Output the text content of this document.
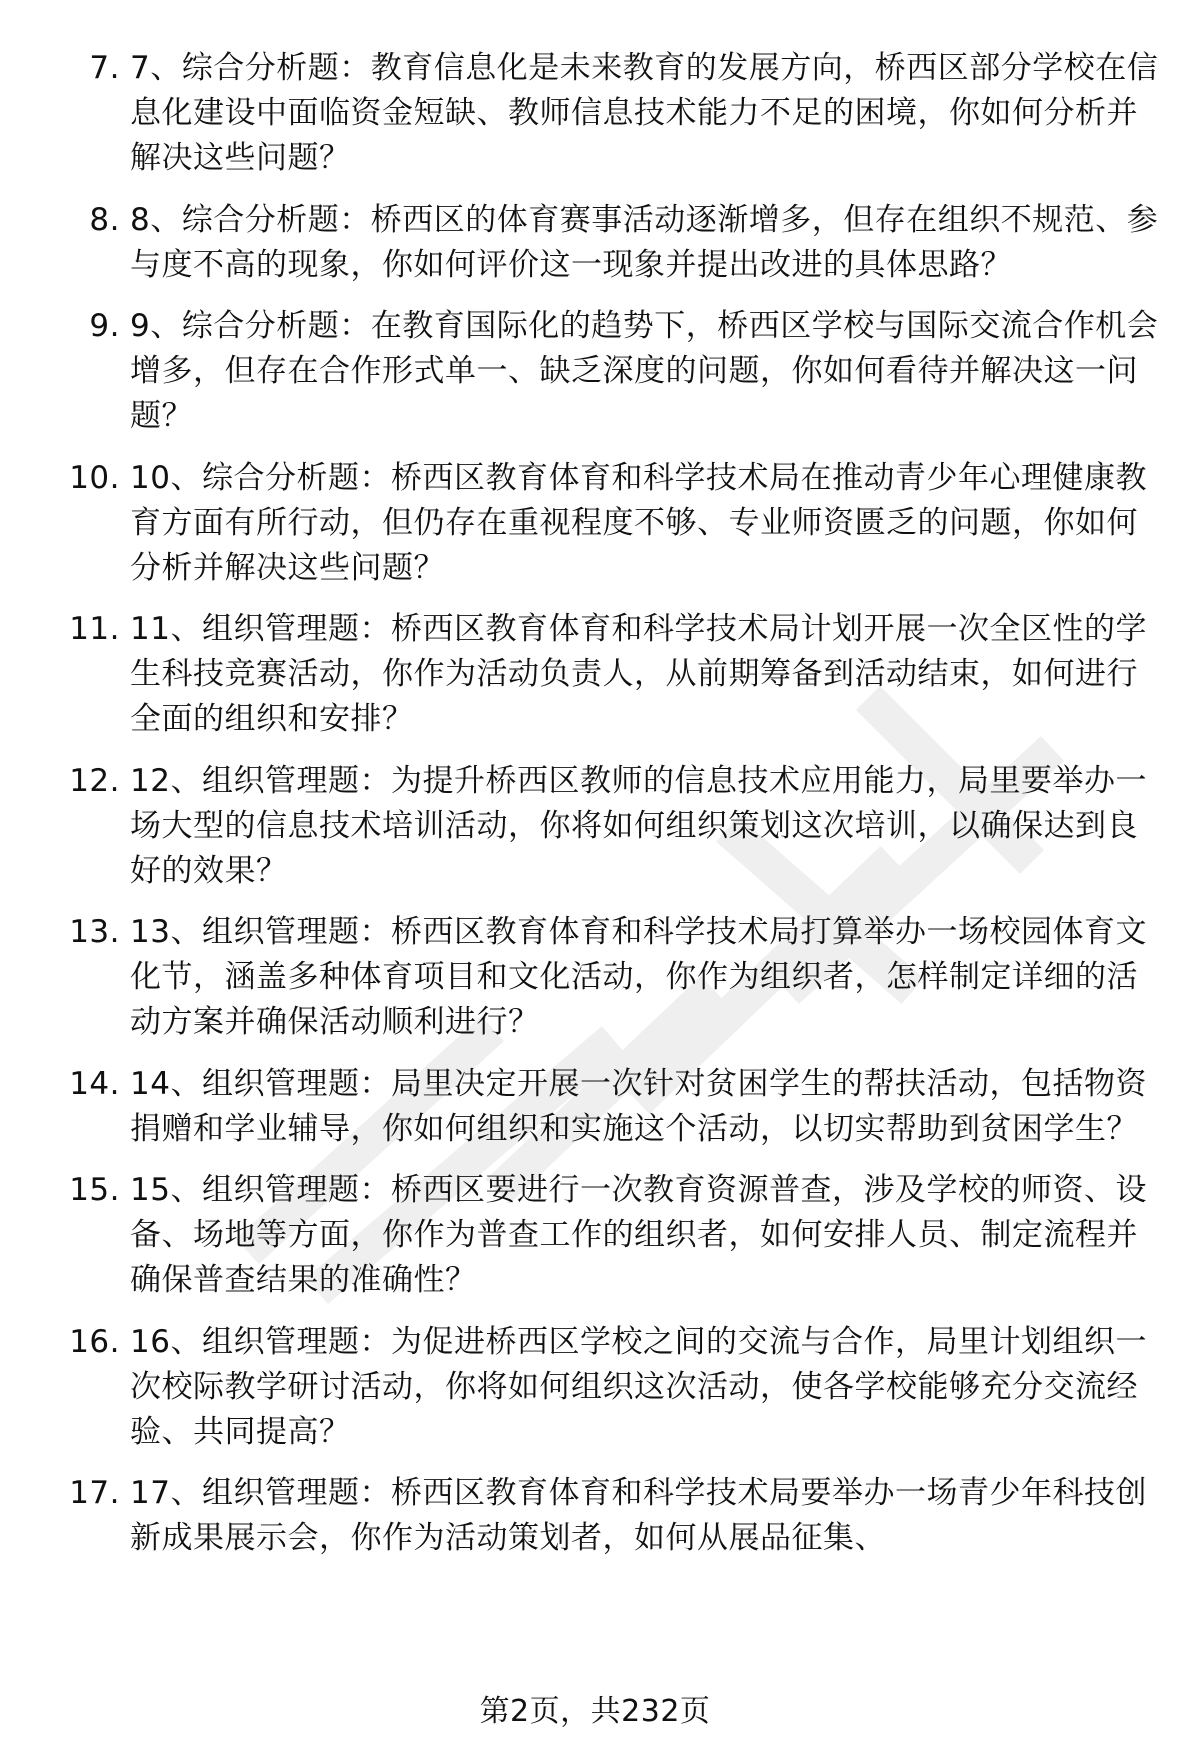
7. 7、综合分析题：教育信息化是未来教育的发展方向，桥西区部分学校在信息化建设中面临资金短缺、教师信息技术能力不足的困境，你如何分析并解决这些问题？
8. 8、综合分析题：桥西区的体育赛事活动逐渐增多，但存在组织不规范、参与度不高的现象，你如何评价这一现象并提出改进的具体思路？
9. 9、综合分析题：在教育国际化的趋势下，桥西区学校与国际交流合作机会增多，但存在合作形式单一、缺乏深度的问题，你如何看待并解决这一问题？
10. 10、综合分析题：桥西区教育体育和科学技术局在推动青少年心理健康教育方面有所行动，但仍存在重视程度不够、专业师资匮乏的问题，你如何分析并解决这些问题？
11. 11、组织管理题：桥西区教育体育和科学技术局计划开展一次全区性的学生科技竞赛活动，你作为活动负责人，从前期筹备到活动结束，如何进行全面的组织和安排？
12. 12、组织管理题：为提升桥西区教师的信息技术应用能力，局里要举办一场大型的信息技术培训活动，你将如何组织策划这次培训，以确保达到良好的效果？
13. 13、组织管理题：桥西区教育体育和科学技术局打算举办一场校园体育文化节，涵盖多种体育项目和文化活动，你作为组织者，怎样制定详细的活动方案并确保活动顺利进行？
14. 14、组织管理题：局里决定开展一次针对贫困学生的帮扶活动，包括物资捐赠和学业辅导，你如何组织和实施这个活动，以切实帮助到贫困学生？
15. 15、组织管理题：桥西区要进行一次教育资源普查，涉及学校的师资、设备、场地等方面，你作为普查工作的组织者，如何安排人员、制定流程并确保普查结果的准确性？
16. 16、组织管理题：为促进桥西区学校之间的交流与合作，局里计划组织一次校际教学研讨活动，你将如何组织这次活动，使各学校能够充分交流经验、共同提高？
17. 17、组织管理题：桥西区教育体育和科学技术局要举办一场青少年科技创新成果展示会，你作为活动策划者，如何从展品征集、
第2页，共232页
